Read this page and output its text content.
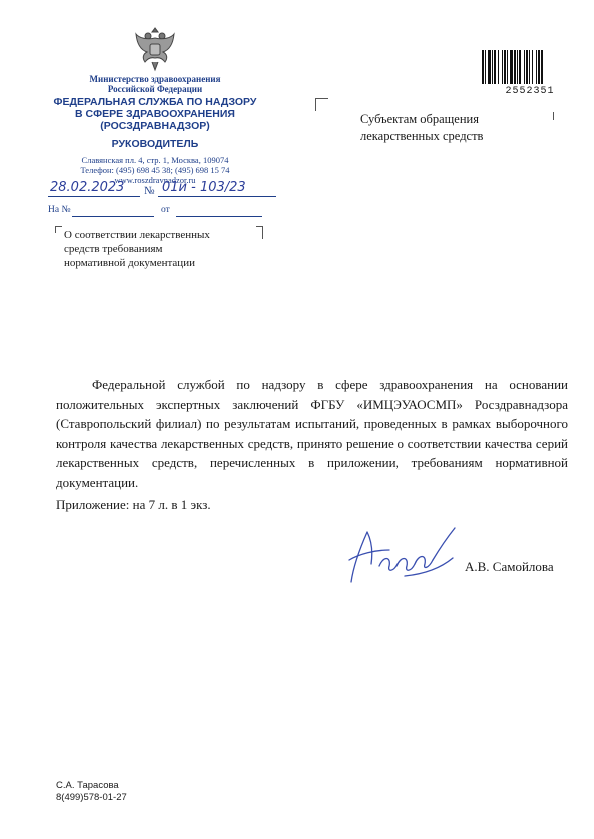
Министерство здравоохранения
Российской Федерации
ФЕДЕРАЛЬНАЯ СЛУЖБА ПО НАДЗОРУ
В СФЕРЕ ЗДРАВООХРАНЕНИЯ
(РОСЗДРАВНАДЗОР)
РУКОВОДИТЕЛЬ
Славянская пл. 4, стр. 1, Москва, 109074
Телефон: (495) 698 45 38; (495) 698 15 74
www.roszdravnadzor.ru
28.02.2023 № 01и - 103/23
На №	от
О соответствии лекарственных
средств требованиям
нормативной документации
Субъектам обращения
лекарственных средств
2552351
Федеральной службой по надзору в сфере здравоохранения на основании положительных экспертных заключений ФГБУ «ИМЦЭУАОСМП» Росздравнадзора (Ставропольский филиал) по результатам испытаний, проведенных в рамках выборочного контроля качества лекарственных средств, принято решение о соответствии качества серий лекарственных средств, перечисленных в приложении, требованиям нормативной документации.
Приложение: на 7 л. в 1 экз.
А.В. Самойлова
С.А. Тарасова
8(499)578-01-27
